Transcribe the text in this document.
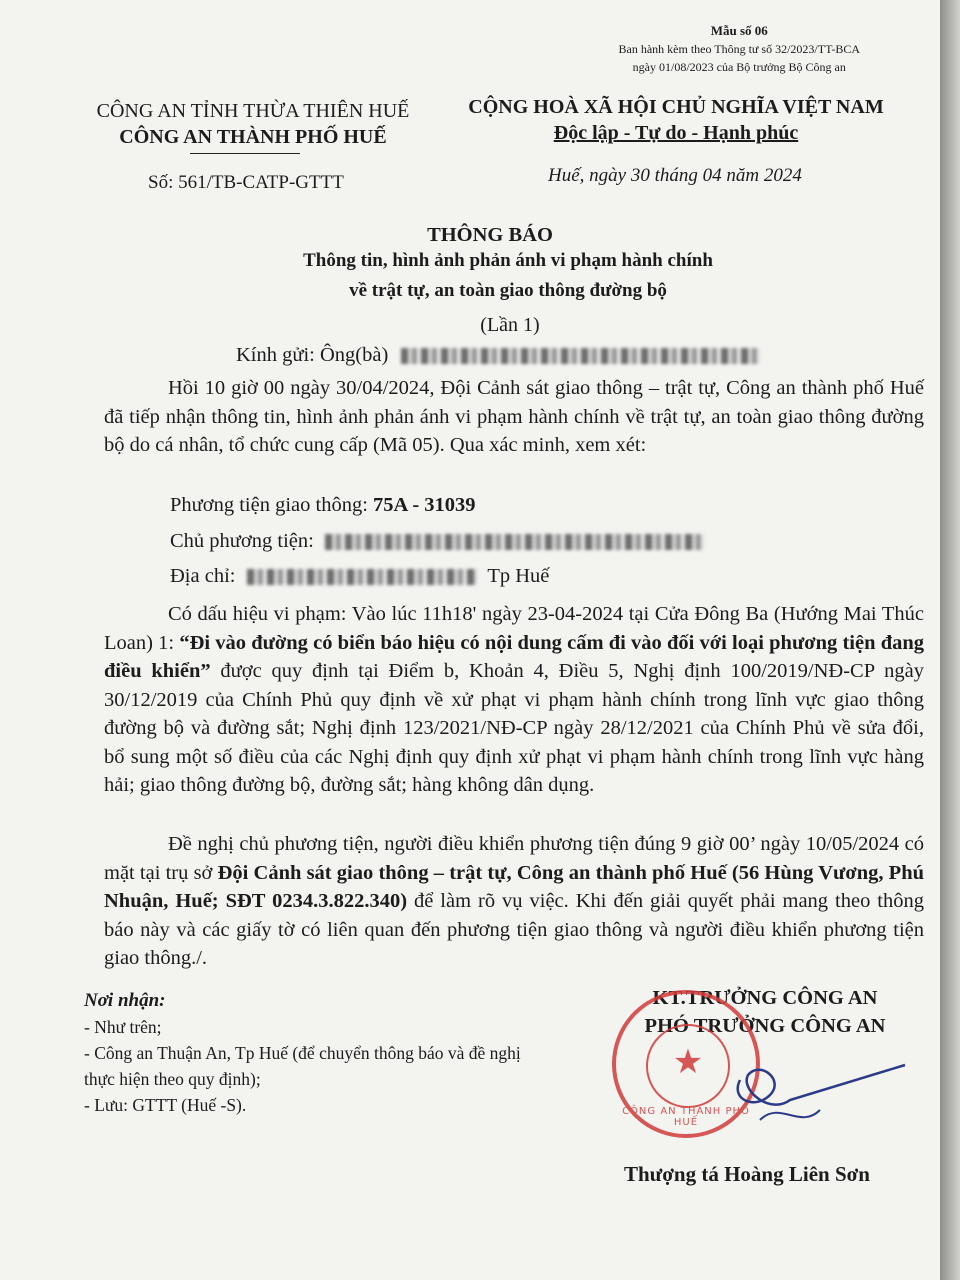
Mẫu số 06
Ban hành kèm theo Thông tư số 32/2023/TT-BCA
ngày 01/08/2023 của Bộ trưởng Bộ Công an
CÔNG AN TỈNH THỪA THIÊN HUẾ
CÔNG AN THÀNH PHỐ HUẾ
Số: 561/TB-CATP-GTTT
CỘNG HOÀ XÃ HỘI CHỦ NGHĨA VIỆT NAM
Độc lập - Tự do - Hạnh phúc
Huế, ngày 30 tháng 04 năm 2024
THÔNG BÁO
Thông tin, hình ảnh phản ánh vi phạm hành chính
về trật tự, an toàn giao thông đường bộ
(Lần 1)
Kính gửi: Ông(bà)
Hồi 10 giờ 00 ngày 30/04/2024, Đội Cảnh sát giao thông – trật tự, Công an thành phố Huế đã tiếp nhận thông tin, hình ảnh phản ánh vi phạm hành chính về trật tự, an toàn giao thông đường bộ do cá nhân, tổ chức cung cấp (Mã 05). Qua xác minh, xem xét:
Phương tiện giao thông: 75A - 31039
Chủ phương tiện:
Địa chỉ:	Tp Huế
Có dấu hiệu vi phạm: Vào lúc 11h18' ngày 23-04-2024 tại Cửa Đông Ba (Hướng Mai Thúc Loan) 1: “Đi vào đường có biển báo hiệu có nội dung cấm đi vào đối với loại phương tiện đang điều khiển” được quy định tại Điểm b, Khoản 4, Điều 5, Nghị định 100/2019/NĐ-CP ngày 30/12/2019 của Chính Phủ quy định về xử phạt vi phạm hành chính trong lĩnh vực giao thông đường bộ và đường sắt; Nghị định 123/2021/NĐ-CP ngày 28/12/2021 của Chính Phủ về sửa đổi, bổ sung một số điều của các Nghị định quy định xử phạt vi phạm hành chính trong lĩnh vực hàng hải; giao thông đường bộ, đường sắt; hàng không dân dụng.
Đề nghị chủ phương tiện, người điều khiển phương tiện đúng 9 giờ 00’ ngày 10/05/2024 có mặt tại trụ sở Đội Cảnh sát giao thông – trật tự, Công an thành phố Huế (56 Hùng Vương, Phú Nhuận, Huế; SĐT 0234.3.822.340) để làm rõ vụ việc. Khi đến giải quyết phải mang theo thông báo này và các giấy tờ có liên quan đến phương tiện giao thông và người điều khiển phương tiện giao thông./.
Nơi nhận:
- Như trên;
- Công an Thuận An, Tp Huế (để chuyển thông báo và đề nghị thực hiện theo quy định);
- Lưu: GTTT (Huế -S).
KT.TRƯỞNG CÔNG AN
PHÓ TRƯỞNG CÔNG AN
★
CÔNG AN THÀNH PHỐ HUẾ
Thượng tá Hoàng Liên Sơn
